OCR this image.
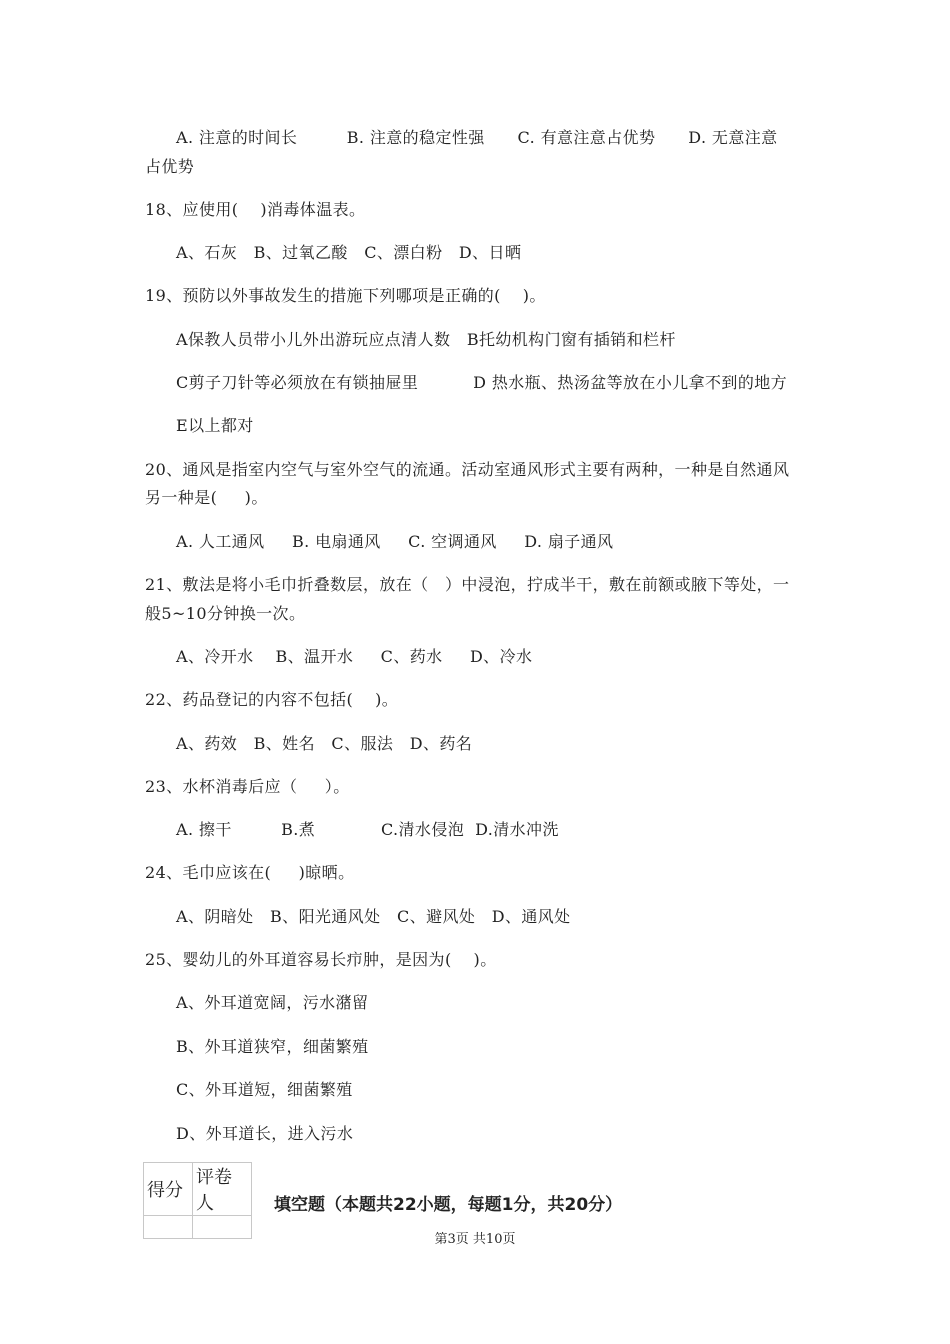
A. 注意的时间长         B. 注意的稳定性强      C. 有意注意占优势      D. 无意注意
占优势
18、应使用(    )消毒体温表。
A、石灰   B、过氧乙酸   C、漂白粉   D、日晒
19、预防以外事故发生的措施下列哪项是正确的(    )。
A保教人员带小儿外出游玩应点清人数   B托幼机构门窗有插销和栏杆
C剪子刀针等必须放在有锁抽屉里          D 热水瓶、热汤盆等放在小儿拿不到的地方
E以上都对
20、通风是指室内空气与室外空气的流通。活动室通风形式主要有两种，一种是自然通风
另一种是(     )。
A. 人工通风     B. 电扇通风     C. 空调通风     D. 扇子通风
21、敷法是将小毛巾折叠数层，放在（   ）中浸泡，拧成半干，敷在前额或腋下等处，一
般5~10分钟换一次。
A、冷开水    B、温开水     C、药水     D、冷水
22、药品登记的内容不包括(    )。
A、药效   B、姓名   C、服法   D、药名
23、水杯消毒后应（     ）。
A. 擦干         B.煮            C.清水侵泡  D.清水冲洗
24、毛巾应该在(     )晾晒。
A、阴暗处   B、阳光通风处   C、避风处   D、通风处
25、婴幼儿的外耳道容易长疖肿，是因为(    )。
A、外耳道宽阔，污水潴留
B、外耳道狭窄，细菌繁殖
C、外耳道短，细菌繁殖
D、外耳道长，进入污水
得分	评卷人
		填空题（本题共22小题，每题1分，共20分）
第3页 共10页
